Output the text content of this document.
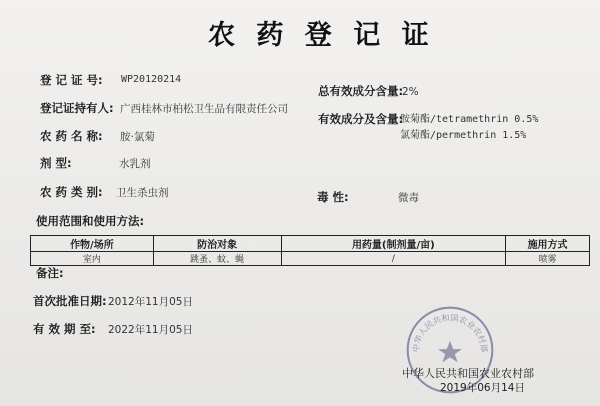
农 药 登 记 证
登 记 证 号: WP20120214
登记证持有人: 广西桂林市柏松卫生品有限责任公司
农 药 名 称: 胺·氯菊
剂 型:	水乳剂
农 药 类 别: 卫生杀虫剂
总有效成分含量:
2%
有效成分及含量:
胺菊酯/tetramethrin 0.5%
氯菊酯/permethrin 1.5%
毒 性:	微毒
使用范围和使用方法:
作物/场所	防治对象	用药量(制剂量/亩)	施用方式
室内	跳蚤、蚊、蝇	/	喷雾
备注:
首次批准日期: 2012年11月05日
有 效 期 至: 2022年11月05日
中华人民共和国农业农村部
中华人民共和国农业农村部
2019年06月14日
